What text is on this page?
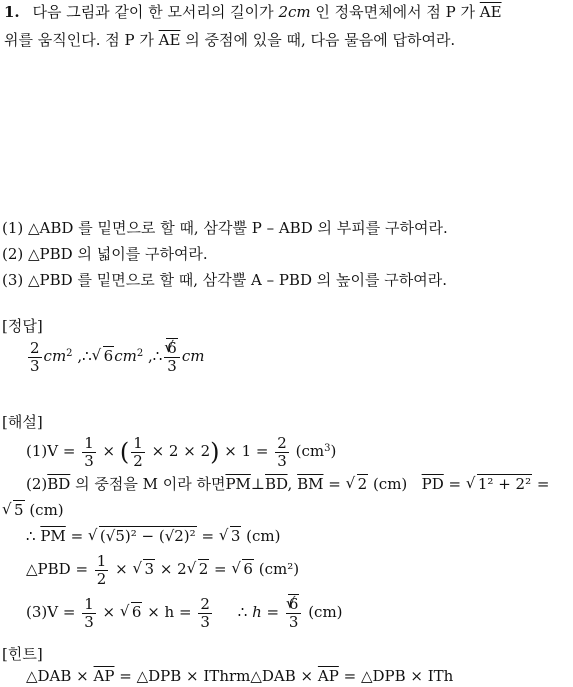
1. 다음 그림과 같이 한 모서리의 길이가 2cm 인 정육면체에서 점 P 가 $\overline{AE}$
위를 움직인다. 점 P 가 $\overline{AE}$ 의 중점에 있을 때, 다음 물음에 답하여라.
(1) △ABD 를 밑면으로 할 때, 삼각뿔 P – ABD 의 부피를 구하여라.
(2) △PBD 의 넓이를 구하여라.
(3) △PBD 를 밑면으로 할 때, 삼각뿔 A – PBD 의 높이를 구하여라.
[정답]
$\frac{2}{3} cm^2$ ,∴ √ $6cm^2$ ,∴ √ $\frac{6}{3}$ cm
[해설]
$(1)V = \frac{1}{3}$ × ( $\frac{1}{2} \times 2 \times 2) \times 1 = \frac{2}{3} (cm^3)$
$(2)\overline{BD}$ 의 중점을 M 이라 하면$\overline{PM}\perp\overline{BD}$, $\overline{BM}$ = √ 2 (cm) $\overline{PD}$ = √ 1² + 2² =
√ 5 (cm)
∴ $\overline{PM}$ = √ (√5)² − (√2)² = √ 3 (cm)
△PBD = $\frac{1}{2}$ × √ 3 × 2 √ 2 = √ 6 (cm²)
$(3)V = \frac{1}{3}$ × √ $6 \times h = \frac{2}{3}$ ∴ h = √ $\frac{6}{3} (cm)$
[힌트]
△DAB × $\overline{AP}$ = △DPB × IThrm△DAB × $\overline{AP}$ = △DPB × ITh
